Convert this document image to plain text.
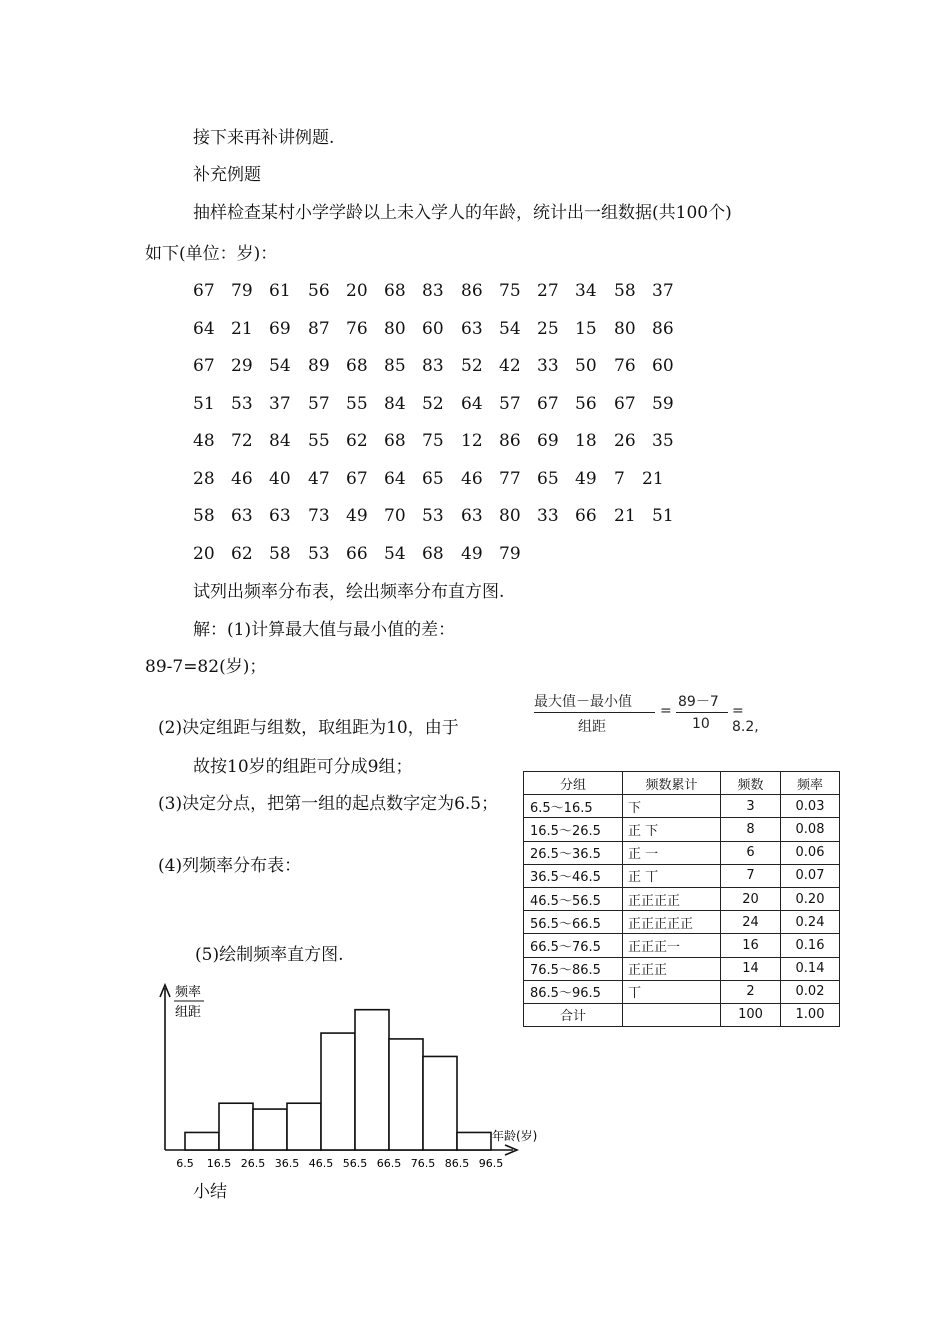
接下来再补讲例题.
补充例题
抽样检查某村小学学龄以上未入学人的年龄，统计出一组数据(共100个)
如下(单位：岁)：
67 79 61	56 20 68 83	86 75 27 34	58 37
64 21 69	87 76 80 60	63 54 25 15	80 86
67 29 54	89 68 85 83	52 42 33 50	76 60
51 53 37	57 55 84 52	64 57 67 56	67 59
48 72 84	55 62 68 75	12 86 69 18	26 35
28 46 40	47 67 64 65	46 77 65 49	7	21
58 63 63	73 49 70 53	63 80 33 66	21 51
20 62 58	53 66 54 68	49 79
试列出频率分布表，绘出频率分布直方图.
解：(1)计算最大值与最小值的差：
89-7=82(岁)；
最大值－最小值
组距
=
89－7
10
= 8.2,
(2)决定组距与组数，取组距为10，由于
故按10岁的组距可分成9组；
(3)决定分点，把第一组的起点数字定为6.5；
(4)列频率分布表：
分组	频数累计	频数	频率
6.5～16.5	下	3	0.03
16.5～26.5	正 下	8	0.08
26.5～36.5	正 一	6	0.06
36.5～46.5	正 丅	7	0.07
46.5～56.5	正正正正	20	0.20
56.5～66.5	正正正正正	24	0.24
66.5～76.5	正正正一	16	0.16
76.5～86.5	正正正	14	0.14
86.5～96.5	丅	2	0.02
合计		100	1.00
(5)绘制频率直方图.
频率
组距
年龄(岁)
6.5 16.5 26.5 36.5 46.5 56.5 66.5 76.5 86.5 96.5
小结
